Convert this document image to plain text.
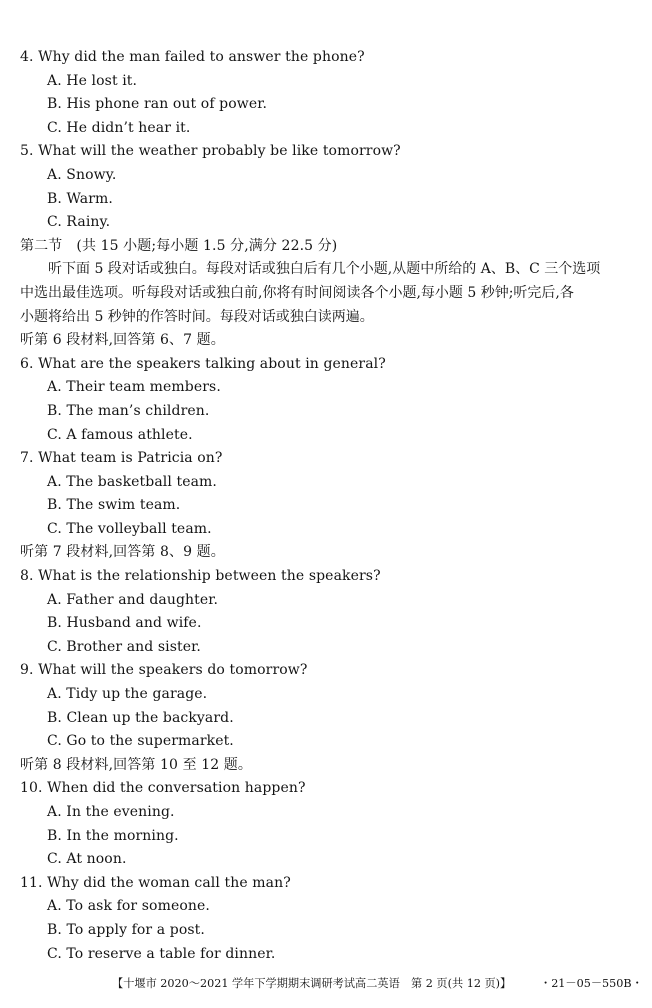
4. Why did the man failed to answer the phone?
A. He lost it.
B. His phone ran out of power.
C. He didn’t hear it.
5. What will the weather probably be like tomorrow?
A. Snowy.
B. Warm.
C. Rainy.
第二节　(共 15 小题;每小题 1.5 分,满分 22.5 分)
听下面 5 段对话或独白。每段对话或独白后有几个小题,从题中所给的 A、B、C 三个选项
中选出最佳选项。听每段对话或独白前,你将有时间阅读各个小题,每小题 5 秒钟;听完后,各
小题将给出 5 秒钟的作答时间。每段对话或独白读两遍。
听第 6 段材料,回答第 6、7 题。
6. What are the speakers talking about in general?
A. Their team members.
B. The man’s children.
C. A famous athlete.
7. What team is Patricia on?
A. The basketball team.
B. The swim team.
C. The volleyball team.
听第 7 段材料,回答第 8、9 题。
8. What is the relationship between the speakers?
A. Father and daughter.
B. Husband and wife.
C. Brother and sister.
9. What will the speakers do tomorrow?
A. Tidy up the garage.
B. Clean up the backyard.
C. Go to the supermarket.
听第 8 段材料,回答第 10 至 12 题。
10. When did the conversation happen?
A. In the evening.
B. In the morning.
C. At noon.
11. Why did the woman call the man?
A. To ask for someone.
B. To apply for a post.
C. To reserve a table for dinner.
【十堰市 2020～2021 学年下学期期末调研考试高二英语　第 2 页(共 12 页)】	・21－05－550B・
